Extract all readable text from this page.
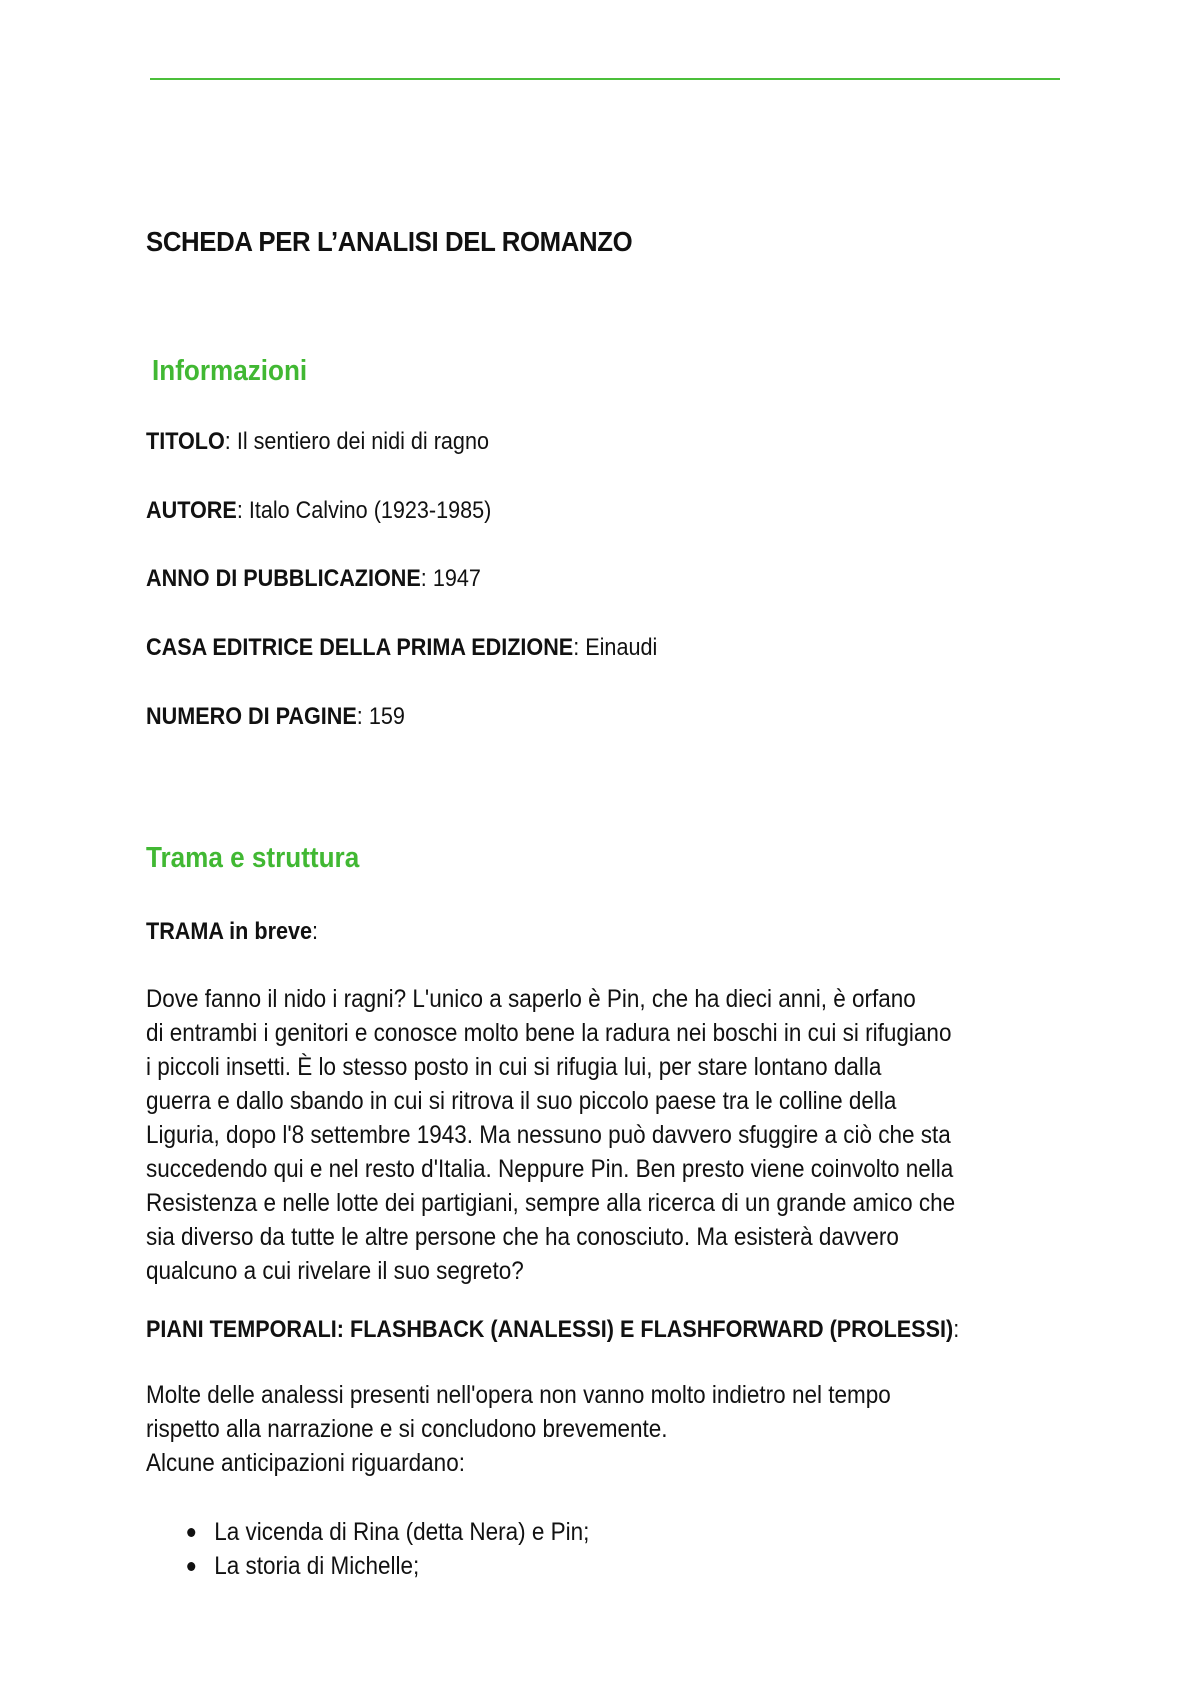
SCHEDA PER L’ANALISI DEL ROMANZO
Informazioni
TITOLO: Il sentiero dei nidi di ragno
AUTORE: Italo Calvino (1923-1985)
ANNO DI PUBBLICAZIONE: 1947
CASA EDITRICE DELLA PRIMA EDIZIONE: Einaudi
NUMERO DI PAGINE: 159
Trama e struttura
TRAMA in breve:
Dove fanno il nido i ragni? L'unico a saperlo è Pin, che ha dieci anni, è orfano
di entrambi i genitori e conosce molto bene la radura nei boschi in cui si rifugiano
i piccoli insetti. È lo stesso posto in cui si rifugia lui, per stare lontano dalla
guerra e dallo sbando in cui si ritrova il suo piccolo paese tra le colline della
Liguria, dopo l'8 settembre 1943. Ma nessuno può davvero sfuggire a ciò che sta
succedendo qui e nel resto d'Italia. Neppure Pin. Ben presto viene coinvolto nella
Resistenza e nelle lotte dei partigiani, sempre alla ricerca di un grande amico che
sia diverso da tutte le altre persone che ha conosciuto. Ma esisterà davvero
qualcuno a cui rivelare il suo segreto?
PIANI TEMPORALI: FLASHBACK (ANALESSI) E FLASHFORWARD (PROLESSI):
Molte delle analessi presenti nell'opera non vanno molto indietro nel tempo
rispetto alla narrazione e si concludono brevemente.
Alcune anticipazioni riguardano:
La vicenda di Rina (detta Nera) e Pin;
La storia di Michelle;
